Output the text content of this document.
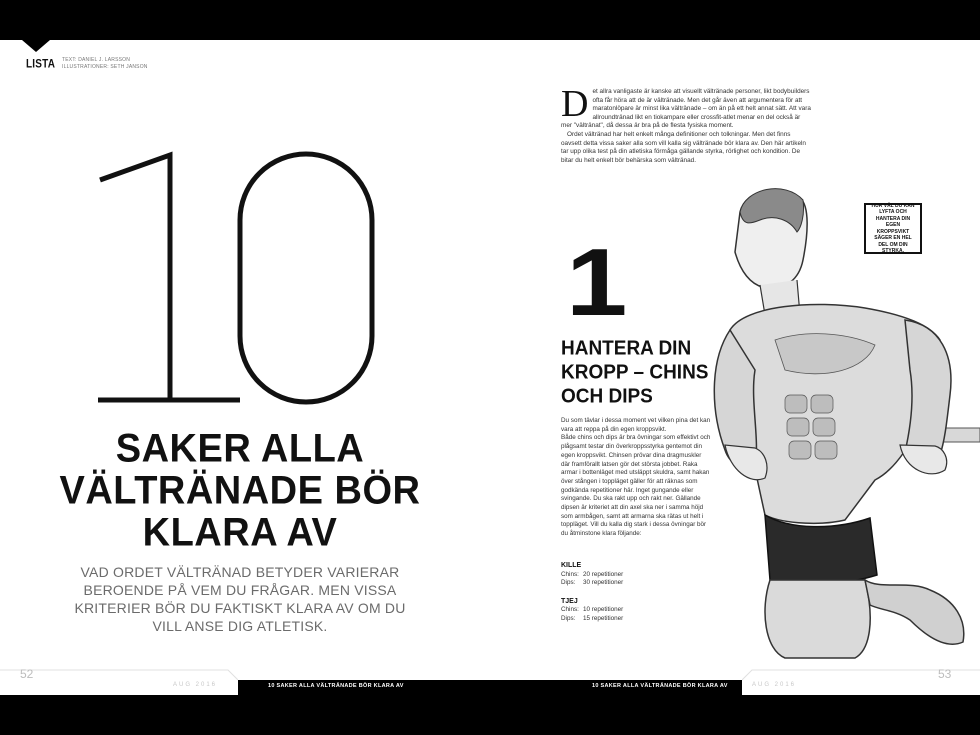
LISTA TEXT: DANIEL J. LARSSON
ILLUSTRATIONER: SETH JANSON
SAKER ALLA
VÄLTRÄNADE BÖR
KLARA AV
VAD ORDET VÄLTRÄNAD BETYDER VARIERAR BEROENDE PÅ VEM DU FRÅGAR. MEN VISSA KRITERIER BÖR DU FAKTISKT KLARA AV OM DU VILL ANSE DIG ATLETISK.
D et allra vanligaste är kanske att visuellt vältränade personer, likt bodybuilders ofta får höra att de är vältränade. Men det går även att argumentera för att maratonlöpare är minst lika vältränade – om än på ett helt annat sätt. Att vara allroundtränad likt en tiokampare eller crossfit-atlet menar en del också är mer "vältränat", då dessa är bra på de flesta fysiska moment.

Ordet vältränad har helt enkelt många definitioner och tolkningar. Men det finns oavsett detta vissa saker alla som vill kalla sig vältränade bör klara av. Den här artikeln tar upp olika test på din atletiska förmåga gällande styrka, rörlighet och kondition. De bitar du helt enkelt bör behärska som vältränad.

1
HANTERA DIN
KROPP – CHINS
OCH DIPS

Du som tävlar i dessa moment vet vilken pina det kan vara att reppa på din egen kroppsvikt.

Både chins och dips är bra övningar som effektivt och plågsamt testar din överkroppsstyrka gentemot din egen kroppsvikt. Chinsen prövar dina dragmuskler där framförallt latsen gör det största jobbet. Raka armar i bottenläget med utsläppt skuldra, samt hakan över stången i toppläget gäller för att räknas som godkända repetitioner här. Inget gungande eller svingande. Du ska rakt upp och rakt ner. Gällande dipsen är kriteriet att din axel ska ner i samma höjd som armbågen, samt att armarna ska rätas ut helt i toppläget. Vill du kalla dig stark i dessa övningar bör du åtminstone klara följande:

KILLE
Chins: 20 repetitioner
Dips:	30 repetitioner
TJEJ
Chins: 10 repetitioner
Dips:	15 repetitioner
HUR VÄL DU KAN LYFTA OCH HANTERA DIN EGEN KROPPSVIKT SÄGER EN HEL DEL OM DIN STYRKA.
52
AUG 2016	10 SAKER ALLA VÄLTRÄNADE BÖR KLARA AV	10 SAKER ALLA VÄLTRÄNADE BÖR KLARA AV	AUG 2016
53
